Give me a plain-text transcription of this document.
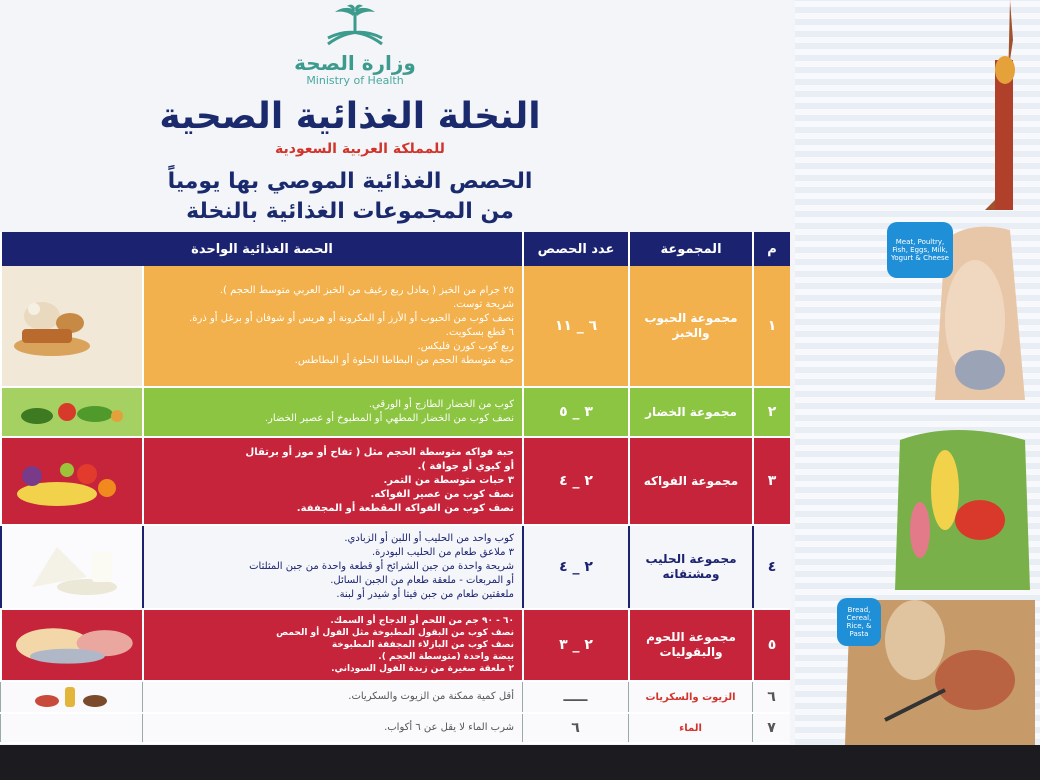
وزارة الصحة
Ministry of Health
النخلة الغذائية الصحية
للمملكة العربية السعودية
الحصص الغذائية الموصي بها يومياً
من المجموعات الغذائية بالنخلة
م
المجموعة
عدد الحصص
الحصة الغذائية الواحدة
١
مجموعة الحبوب والخبز
٦ _ ١١
٢٥ جرام من الخبز ( يعادل ربع رغيف من الخبز العربي متوسط الحجم ).
شريحة توست.
نصف كوب من الحبوب أو الأرز أو المكرونة أو هريس أو شوفان أو برغل أو ذرة.
٦ قطع بسكويت.
ربع كوب كورن فليكس.
حبة متوسطة الحجم من البطاطا الحلوة أو البطاطس.
٢
مجموعة الخضار
٣ _ ٥
كوب من الخضار الطازج أو الورقي.
نصف كوب من الخضار المطهي أو المطبوخ أو عصير الخضار.
٣
مجموعة الفواكه
٢ _ ٤
حبة فواكه متوسطة الحجم مثل ( تفاح أو موز أو برتقال
أو كيوي أو جوافة ).
٣ حبات متوسطة من التمر.
نصف كوب من عصير الفواكه.
نصف كوب من الفواكه المقطعة أو المجففة.
٤
مجموعة الحليب ومشتقاته
٢ _ ٤
كوب واحد من الحليب أو اللبن أو الزبادي.
٣ ملاعق طعام من الحليب البودرة.
شريحة واحدة من جبن الشرائح أو قطعة واحدة من جبن المثلثات
أو المربعات - ملعقة طعام من الجبن السائل.
ملعقتين طعام من جبن فيتا أو شيدر أو لبنة.
٥
مجموعة اللحوم والبقوليات
٢ _ ٣
٦٠ - ٩٠ جم من اللحم أو الدجاج أو السمك.
نصف كوب من البقول المطبوخة مثل الفول أو الحمص
نصف كوب من البازلاء المجففة المطبوخة
بيضة واحدة (متوسطة الحجم ).
٢ ملعقة صغيرة من زبدة الفول السوداني.
٦
الزيوت والسكريات
ـــــ
أقل كمية ممكنة من الزيوت والسكريات.
٧
الماء
٦
شرب الماء لا يقل عن ٦ أكواب.
Meat, Poultry, Fish, Eggs, Milk, Yogurt & Cheese
Bread, Cereal, Rice, & Pasta
